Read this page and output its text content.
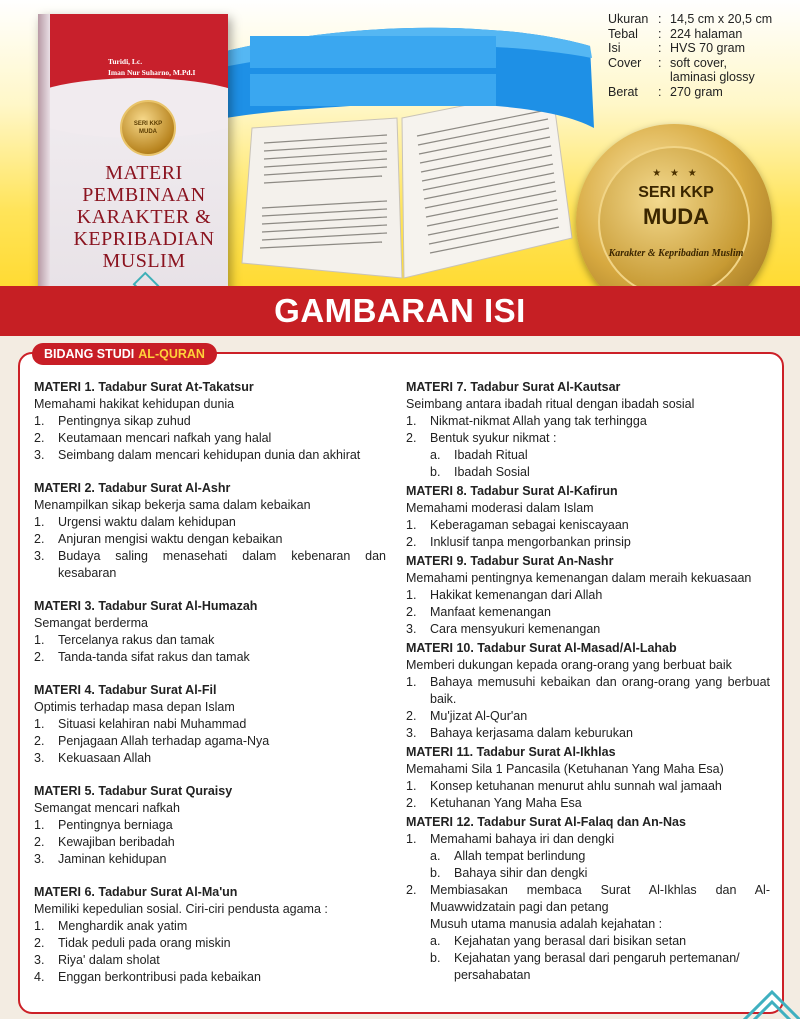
Turidi, Lc.
Iman Nur Suharno, M.Pd.I
SERI KKP
MUDA
MATERI
PEMBINAAN
KARAKTER &
KEPRIBADIAN
MUSLIM
Ukuran : 14,5 cm x 20,5 cm
Tebal	: 224 halaman
Isi	: HVS 70 gram
Cover	: soft cover,
laminasi glossy
Berat	: 270 gram
★ ★ ★
SERI KKP
MUDA
Karakter & Kepribadian Muslim
GAMBARAN ISI
BIDANG STUDI AL-QURAN
MATERI 1. Tadabur Surat At-Takatsur
Memahami hakikat kehidupan dunia
1.	Pentingnya sikap zuhud
2.	Keutamaan mencari nafkah yang halal
3.	Seimbang dalam mencari kehidupan dunia dan akhirat
MATERI 2. Tadabur Surat Al-Ashr
Menampilkan sikap bekerja sama dalam kebaikan
1.	Urgensi waktu dalam kehidupan
2.	Anjuran mengisi waktu dengan kebaikan
3.	Budaya saling menasehati dalam kebenaran dan kesabaran
MATERI 3. Tadabur Surat Al-Humazah
Semangat berderma
1.	Tercelanya rakus dan tamak
2.	Tanda-tanda sifat rakus dan tamak
MATERI 4. Tadabur Surat Al-Fil
Optimis terhadap masa depan Islam
1.	Situasi kelahiran nabi Muhammad
2.	Penjagaan Allah terhadap agama-Nya
3.	Kekuasaan Allah
MATERI 5. Tadabur Surat Quraisy
Semangat mencari nafkah
1.	Pentingnya berniaga
2.	Kewajiban beribadah
3.	Jaminan kehidupan
MATERI 6. Tadabur Surat Al-Ma'un
Memiliki kepedulian sosial. Ciri-ciri pendusta agama :
1.	Menghardik anak yatim
2.	Tidak peduli pada orang miskin
3.	Riya' dalam sholat
4.	Enggan berkontribusi pada kebaikan
MATERI 7. Tadabur Surat Al-Kautsar
Seimbang antara ibadah ritual dengan ibadah sosial
1.	Nikmat-nikmat Allah yang tak terhingga
2.	Bentuk syukur nikmat :
a.	Ibadah Ritual
b.	Ibadah Sosial
MATERI 8. Tadabur Surat Al-Kafirun
Memahami moderasi dalam Islam
1.	Keberagaman sebagai keniscayaan
2.	Inklusif tanpa mengorbankan prinsip
MATERI 9. Tadabur Surat An-Nashr
Memahami pentingnya kemenangan dalam meraih kekuasaan
1.	Hakikat kemenangan dari Allah
2.	Manfaat kemenangan
3.	Cara mensyukuri kemenangan
MATERI 10. Tadabur Surat Al-Masad/Al-Lahab
Memberi dukungan kepada orang-orang yang berbuat baik
1.	Bahaya memusuhi kebaikan dan orang-orang yang berbuat baik.
2.	Mu'jizat Al-Qur'an
3.	Bahaya kerjasama dalam keburukan
MATERI 11. Tadabur Surat Al-Ikhlas
Memahami Sila 1 Pancasila (Ketuhanan Yang Maha Esa)
1.	Konsep ketuhanan menurut ahlu sunnah wal jamaah
2.	Ketuhanan Yang Maha Esa
MATERI 12. Tadabur Surat Al-Falaq dan An-Nas
1.	Memahami bahaya iri dan dengki
a.	Allah tempat berlindung
b.	Bahaya sihir dan dengki
2.	Membiasakan membaca Surat Al-Ikhlas dan Al-Muawwidzatain pagi dan petang
Musuh utama manusia adalah kejahatan :
a.	Kejahatan yang berasal dari bisikan setan
b.	Kejahatan yang berasal dari pengaruh pertemanan/ persahabatan
